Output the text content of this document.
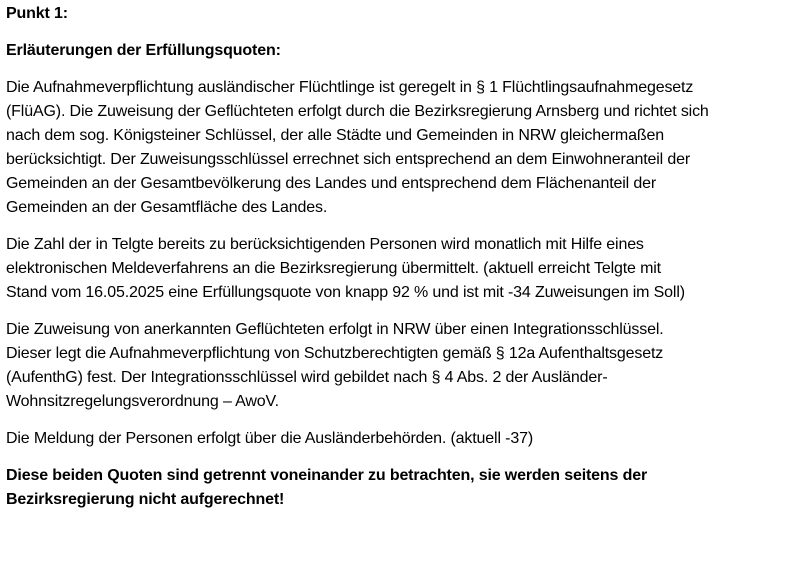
Punkt 1:
Erläuterungen der Erfüllungsquoten:
Die Aufnahmeverpflichtung ausländischer Flüchtlinge ist geregelt in § 1 Flüchtlingsaufnahmegesetz
(FlüAG). Die Zuweisung der Geflüchteten erfolgt durch die Bezirksregierung Arnsberg und richtet sich
nach dem sog. Königsteiner Schlüssel, der alle Städte und Gemeinden in NRW gleichermaßen
berücksichtigt. Der Zuweisungsschlüssel errechnet sich entsprechend an dem Einwohneranteil der
Gemeinden an der Gesamtbevölkerung des Landes und entsprechend dem Flächenanteil der
Gemeinden an der Gesamtfläche des Landes.
Die Zahl der in Telgte bereits zu berücksichtigenden Personen wird monatlich mit Hilfe eines
elektronischen Meldeverfahrens an die Bezirksregierung übermittelt. (aktuell erreicht Telgte mit
Stand vom 16.05.2025 eine Erfüllungsquote von knapp 92 % und ist mit -34 Zuweisungen im Soll)
Die Zuweisung von anerkannten Geflüchteten erfolgt in NRW über einen Integrationsschlüssel.
Dieser legt die Aufnahmeverpflichtung von Schutzberechtigten gemäß § 12a Aufenthaltsgesetz
(AufenthG) fest. Der Integrationsschlüssel wird gebildet nach § 4 Abs. 2 der Ausländer-
Wohnsitzregelungsverordnung – AwoV.
Die Meldung der Personen erfolgt über die Ausländerbehörden. (aktuell -37)
Diese beiden Quoten sind getrennt voneinander zu betrachten, sie werden seitens der
Bezirksregierung nicht aufgerechnet!
